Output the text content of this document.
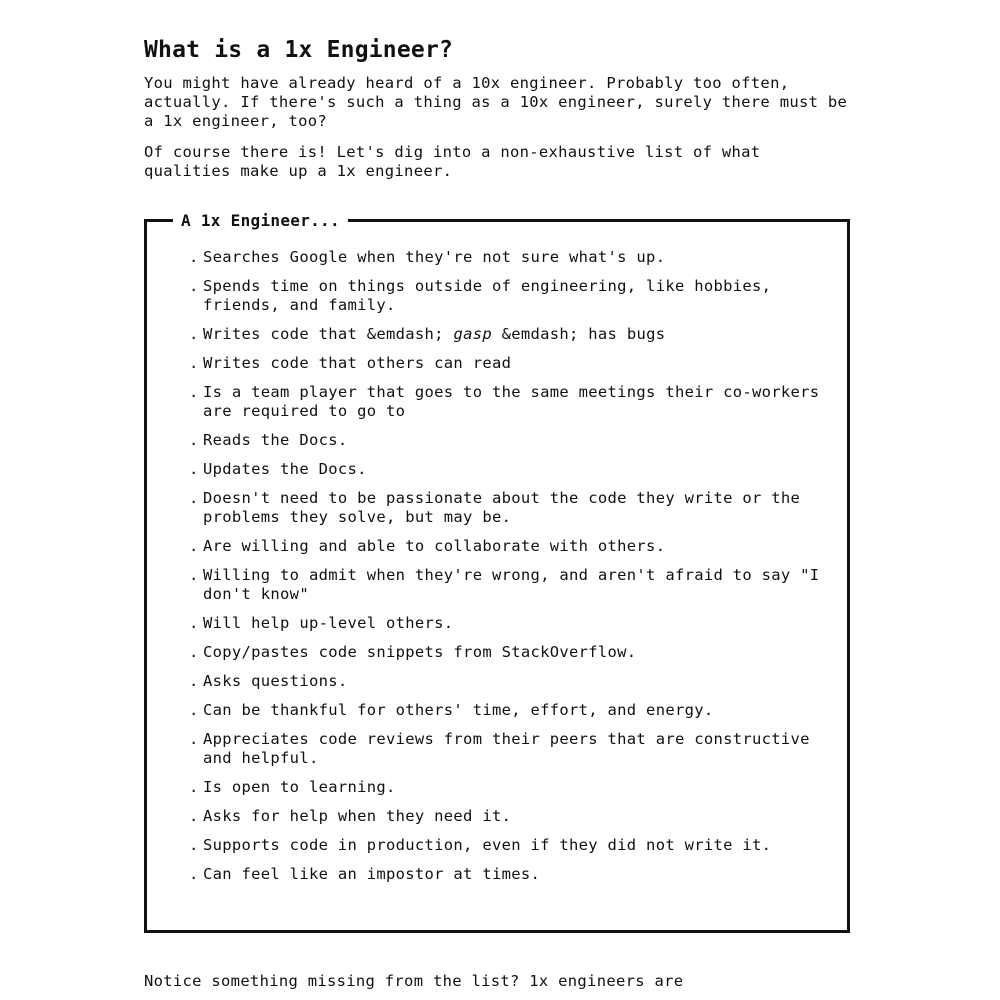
What is a 1x Engineer?

You might have already heard of a 10x engineer. Probably too often, actually. If there's such a thing as a 10x engineer, surely there must be a 1x engineer, too?

Of course there is! Let's dig into a non-exhaustive list of what qualities make up a 1x engineer.

A 1x Engineer...
. Searches Google when they're not sure what's up.
. Spends time on things outside of engineering, like hobbies, friends, and family.
. Writes code that &emdash; gasp &emdash; has bugs
. Writes code that others can read
. Is a team player that goes to the same meetings their co-workers are required to go to
. Reads the Docs.
. Updates the Docs.
. Doesn't need to be passionate about the code they write or the problems they solve, but may be.
. Are willing and able to collaborate with others.
. Willing to admit when they're wrong, and aren't afraid to say "I don't know"
. Will help up-level others.
. Copy/pastes code snippets from StackOverflow.
. Asks questions.
. Can be thankful for others' time, effort, and energy.
. Appreciates code reviews from their peers that are constructive and helpful.
. Is open to learning.
. Asks for help when they need it.
. Supports code in production, even if they did not write it.
. Can feel like an impostor at times.

Notice something missing from the list? 1x engineers are
